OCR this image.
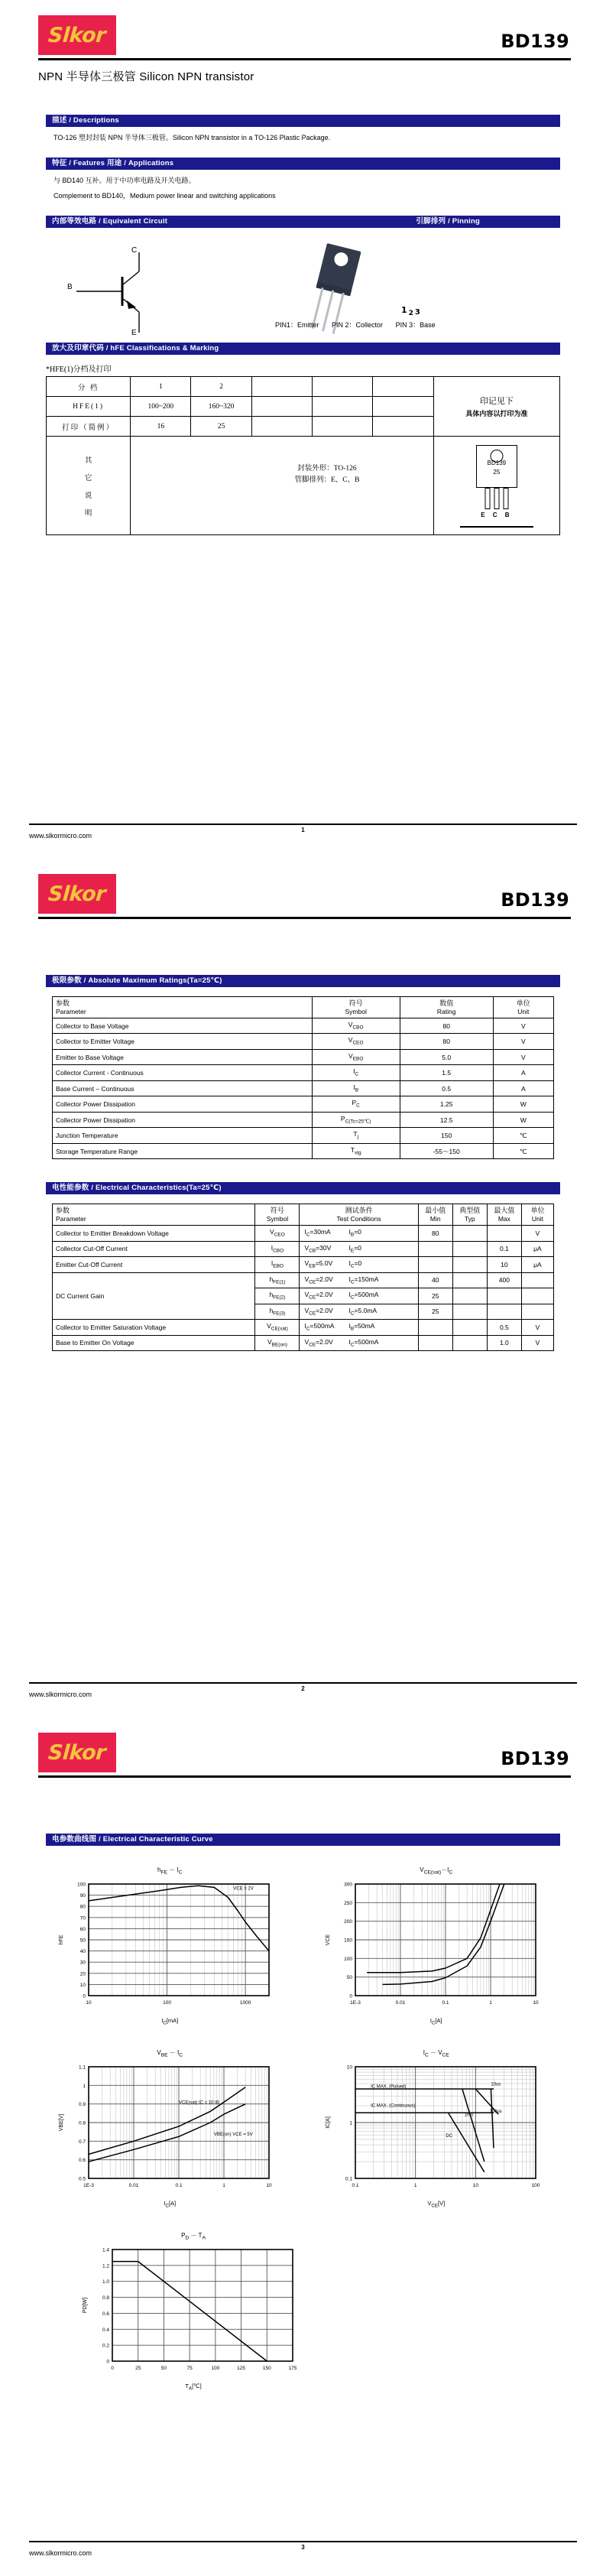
Slkor	BD139
NPN 半导体三极管 Silicon NPN transistor
描述 / Descriptions
TO-126 塑封封装 NPN 半导体三极管。Silicon NPN transistor in a TO-126 Plastic Package.
特征 / Features 用途 / Applications
与 BD140 互补。用于中功率电路及开关电路。
Complement to BD140，Medium power linear and switching applications
内部等效电路 / Equivalent Circuit	引脚排列 / Pinning
C
B
E
1 2 3
PIN1：Emitter PIN 2：Collector PIN 3：Base
放大及印章代码 / hFE Classifications & Marking
*HFE(1)分档及打印
分 档	1	2				印记见下
具体内容以打印为准

HFE(1)	100~200	160~320				
打印（简例）	16	25				

其
它
说
明

封装外形：TO-126
管脚排列：E、C、B

BD139
25
E C B
www.slkormicro.com
1
Slkor	BD139
极限参数 / Absolute Maximum Ratings(Ta=25℃)
参数
Parameter	符号
Symbol	数值
Rating	单位
Unit

Collector to Base Voltage	$V_{CBO}$	80	V
Collector to Emitter Voltage	$V_{CEO}$	80	V
Emitter to Base Voltage	$V_{EBO}$	5.0	V
Collector Current - Continuous	$I_C$	1.5	A
Base Current – Continuous	$I_B$	0.5	A
Collector Power Dissipation	$P_C$	1.25	W
Collector Power Dissipation	$P_{C(Tc=25℃)}$	12.5	W
Junction Temperature	$T_j$	150	℃
Storage Temperature Range	$T_{stg}$	-55～150	℃
电性能参数 / Electrical Characteristics(Ta=25℃)
参数
Parameter	符号
Symbol	测试条件
Test Conditions	最小值
Min	典型值
Typ	最大值
Max	单位
Unit

Collector to Emitter Breakdown Voltage	$V_{CEO}$	$I_C=30mA$ $I_B=0$	80			V
Collector Cut-Off Current	$I_{CBO}$	$V_{CB}=30V$ $I_E=0$			0.1	μA
Emitter Cut-Off Current	$I_{EBO}$	$V_{EB}=5.0V$ $I_C=0$			10	μA
DC Current Gain	$h_{FE(1)}$	$V_{CE}=2.0V$ $I_C=150mA$	40		400	
	$h_{FE(2)}$	$V_{CE}=2.0V$ $I_C=500mA$	25			
	$h_{FE(3)}$	$V_{CE}=2.0V$ $I_C=5.0mA$	25			
Collector to Emitter Saturation Voltage	$V_{CE(sat)}$	$I_C=500mA$ $I_B=50mA$			0.5	V
Base to Emitter On Voltage	$V_{BE(on)}$	$V_{CE}=2.0V$ $I_C=500mA$			1.0	V
www.slkormicro.com
2
Slkor	BD139
电参数曲线图 / Electrical Characteristic Curve
$h_{FE} - I_C$
10	100	1000
0
10
20
30
40
50
60
70
80
90
100
hFE
VCE = 2V
$I_C[mA]$
$V_{CE(sat)}-I_C$
1E-3	0.01	0.1	1	10
0
50
100
150
200
250
300
VCE
$I_C[A]$
$V_{BE} - I_C$
1E-3	0.01	0.1	1	10
0.5
0.6
0.7
0.8
0.9
1
1.1
VBE[V]
VCE(sat) IC = 10 IB
VBE(on) VCE = 5V
$I_C[A]$
$I_C - V_{CE}$
0.1	1	10	100
0.1
1
10
IC[A]
IC MAX. (Pulsed)
IC MAX. (Continuous)
10us
100us
1ms
DC
$V_{CE}[V]$
$P_D - T_A$
0	25	50	75	100	125	150	175
0
0.2
0.4
0.6
0.8
1.0
1.2
1.4
PD[W]
$T_A[℃]$
www.slkormicro.com
3
